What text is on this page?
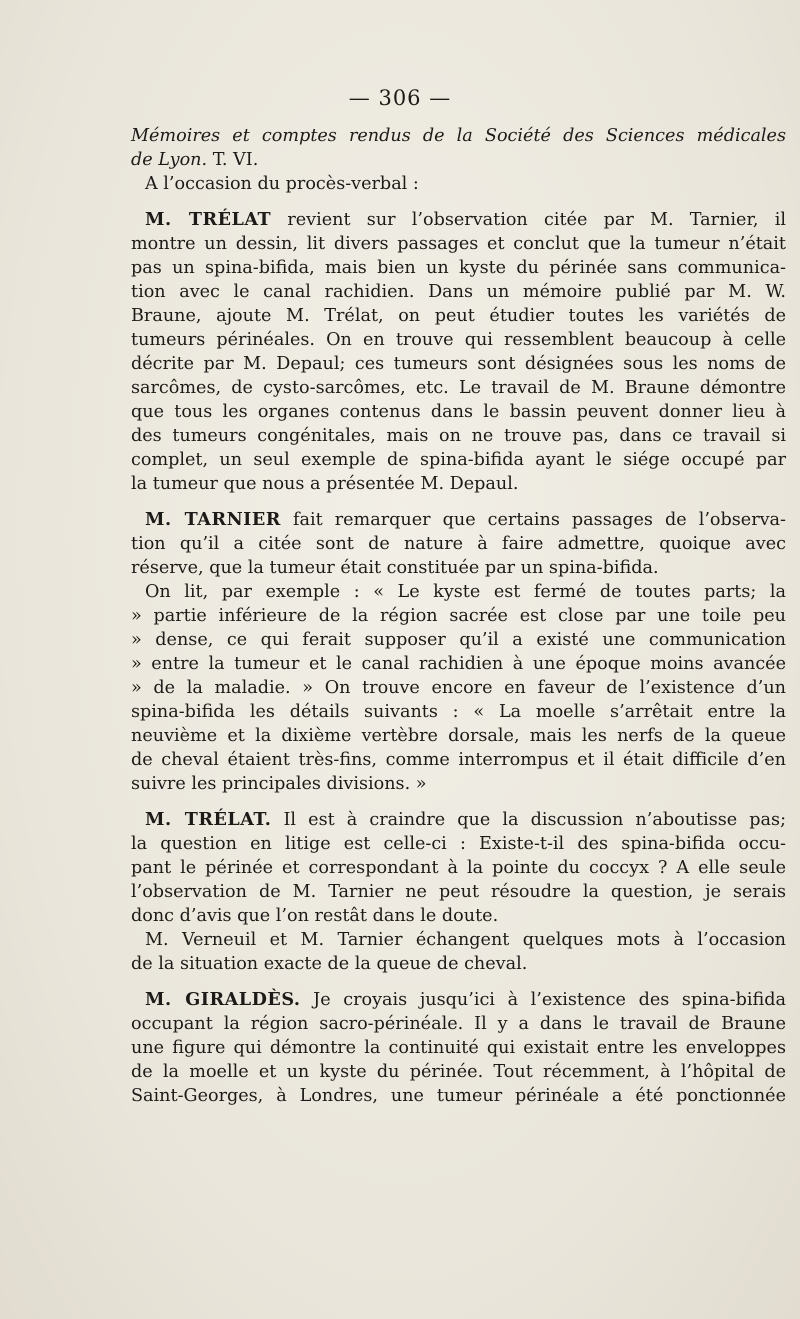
— 306 —
Mémoires et comptes rendus de la Société des Sciences médicales
de Lyon. T. VI.
A l’occasion du procès-verbal :
M. TRÉLAT revient sur l’observation citée par M. Tarnier, il
montre un dessin, lit divers passages et conclut que la tumeur n’était
pas un spina-bifida, mais bien un kyste du périnée sans communica-
tion avec le canal rachidien. Dans un mémoire publié par M. W.
Braune, ajoute M. Trélat, on peut étudier toutes les variétés de
tumeurs périnéales. On en trouve qui ressemblent beaucoup à celle
décrite par M. Depaul; ces tumeurs sont désignées sous les noms de
sarcômes, de cysto-sarcômes, etc. Le travail de M. Braune démontre
que tous les organes contenus dans le bassin peuvent donner lieu à
des tumeurs congénitales, mais on ne trouve pas, dans ce travail si
complet, un seul exemple de spina-bifida ayant le siége occupé par
la tumeur que nous a présentée M. Depaul.
M. TARNIER fait remarquer que certains passages de l’observa-
tion qu’il a citée sont de nature à faire admettre, quoique avec
réserve, que la tumeur était constituée par un spina-bifida.
On lit, par exemple : « Le kyste est fermé de toutes parts; la
» partie inférieure de la région sacrée est close par une toile peu
» dense, ce qui ferait supposer qu’il a existé une communication
» entre la tumeur et le canal rachidien à une époque moins avancée
» de la maladie. » On trouve encore en faveur de l’existence d’un
spina-bifida les détails suivants : « La moelle s’arrêtait entre la
neuvième et la dixième vertèbre dorsale, mais les nerfs de la queue
de cheval étaient très-fins, comme interrompus et il était difficile d’en
suivre les principales divisions. »
M. TRÉLAT. Il est à craindre que la discussion n’aboutisse pas;
la question en litige est celle-ci : Existe-t-il des spina-bifida occu-
pant le périnée et correspondant à la pointe du coccyx ? A elle seule
l’observation de M. Tarnier ne peut résoudre la question, je serais
donc d’avis que l’on restât dans le doute.
M. Verneuil et M. Tarnier échangent quelques mots à l’occasion
de la situation exacte de la queue de cheval.
M. GIRALDÈS. Je croyais jusqu’ici à l’existence des spina-bifida
occupant la région sacro-périnéale. Il y a dans le travail de Braune
une figure qui démontre la continuité qui existait entre les enveloppes
de la moelle et un kyste du périnée. Tout récemment, à l’hôpital de
Saint-Georges, à Londres, une tumeur périnéale a été ponctionnée
